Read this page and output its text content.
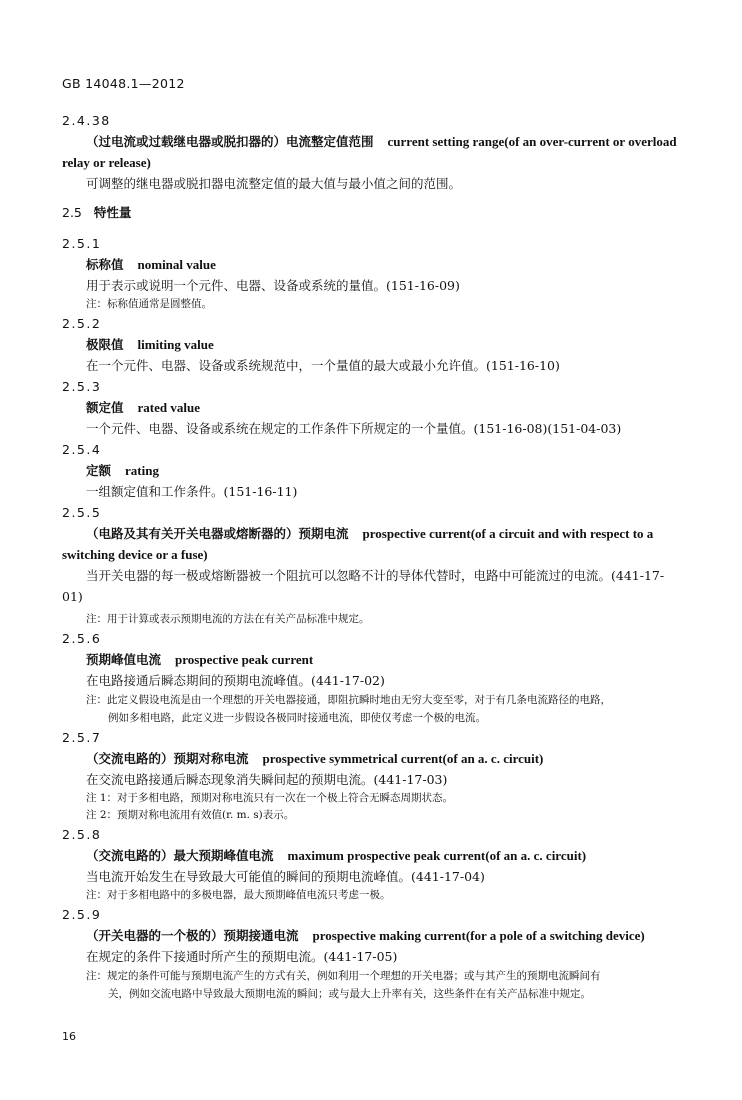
GB 14048.1—2012
2.4.38
（过电流或过载继电器或脱扣器的）电流整定值范围 current setting range(of an over-current or overload relay or release)
可调整的继电器或脱扣器电流整定值的最大值与最小值之间的范围。
2.5 特性量
2.5.1
标称值 nominal value
用于表示或说明一个元件、电器、设备或系统的量值。(151-16-09)
注：标称值通常是圆整值。
2.5.2
极限值 limiting value
在一个元件、电器、设备或系统规范中，一个量值的最大或最小允许值。(151-16-10)
2.5.3
额定值 rated value
一个元件、电器、设备或系统在规定的工作条件下所规定的一个量值。(151-16-08)(151-04-03)
2.5.4
定额 rating
一组额定值和工作条件。(151-16-11)
2.5.5
（电路及其有关开关电器或熔断器的）预期电流 prospective current(of a circuit and with respect to a switching device or a fuse)
当开关电器的每一极或熔断器被一个阻抗可以忽略不计的导体代替时，电路中可能流过的电流。(441-17-01)
注：用于计算或表示预期电流的方法在有关产品标准中规定。
2.5.6
预期峰值电流 prospective peak current
在电路接通后瞬态期间的预期电流峰值。(441-17-02)
注：此定义假设电流是由一个理想的开关电器接通，即阻抗瞬时地由无穷大变至零，对于有几条电流路径的电路，
例如多相电路，此定义进一步假设各极同时接通电流，即使仅考虑一个极的电流。
2.5.7
（交流电路的）预期对称电流 prospective symmetrical current(of an a. c. circuit)
在交流电路接通后瞬态现象消失瞬间起的预期电流。(441-17-03)
注 1：对于多相电路，预期对称电流只有一次在一个极上符合无瞬态周期状态。
注 2：预期对称电流用有效值(r. m. s)表示。
2.5.8
（交流电路的）最大预期峰值电流 maximum prospective peak current(of an a. c. circuit)
当电流开始发生在导致最大可能值的瞬间的预期电流峰值。(441-17-04)
注：对于多相电路中的多极电器，最大预期峰值电流只考虑一极。
2.5.9
（开关电器的一个极的）预期接通电流 prospective making current(for a pole of a switching device)
在规定的条件下接通时所产生的预期电流。(441-17-05)
注：规定的条件可能与预期电流产生的方式有关，例如利用一个理想的开关电器；或与其产生的预期电流瞬间有
关，例如交流电路中导致最大预期电流的瞬间；或与最大上升率有关，这些条件在有关产品标准中规定。
16
